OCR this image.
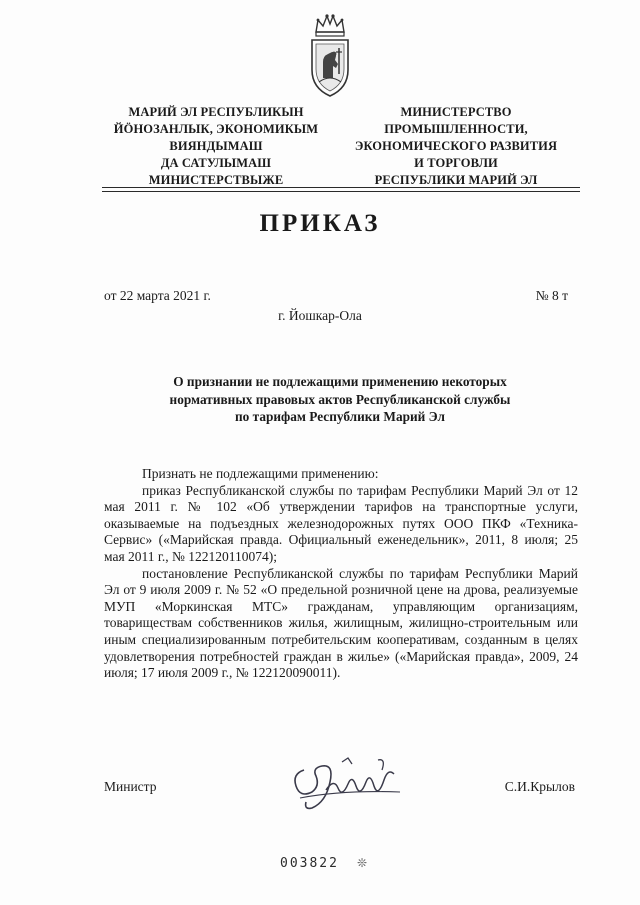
МАРИЙ ЭЛ РЕСПУБЛИКЫН
ЙӦНОЗАНЛЫК, ЭКОНОМИКЫМ
ВИЯНДЫМАШ
ДА САТУЛЫМАШ
МИНИСТЕРСТВЫЖЕ
МИНИСТЕРСТВО
ПРОМЫШЛЕННОСТИ,
ЭКОНОМИЧЕСКОГО РАЗВИТИЯ
И ТОРГОВЛИ
РЕСПУБЛИКИ МАРИЙ ЭЛ
ПРИКАЗ
от 22 марта 2021 г.	№ 8 т
г. Йошкар-Ола
О признании не подлежащими применению некоторых
нормативных правовых актов Республиканской службы
по тарифам Республики Марий Эл

Признать не подлежащими применению:

приказ Республиканской службы по тарифам Республики Марий Эл от 12 мая 2011 г. № 102 «Об утверждении тарифов на транспортные услуги, оказываемые на подъездных железнодорожных путях ООО ПКФ «Техника-Сервис» («Марийская правда. Официальный еженедельник», 2011, 8 июля; 25 мая 2011 г., № 122120110074);

постановление Республиканской службы по тарифам Республики Марий Эл от 9 июля 2009 г. № 52 «О предельной розничной цене на дрова, реализуемые МУП «Моркинская МТС» гражданам, управляющим организациям, товариществам собственников жилья, жилищным, жилищно-строительным или иным специализированным потребительским кооперативам, созданным в целях удовлетворения потребностей граждан в жилье» («Марийская правда», 2009, 24 июля; 17 июля 2009 г., № 122120090011).

Министр	С.И.Крылов
003822 ❊
